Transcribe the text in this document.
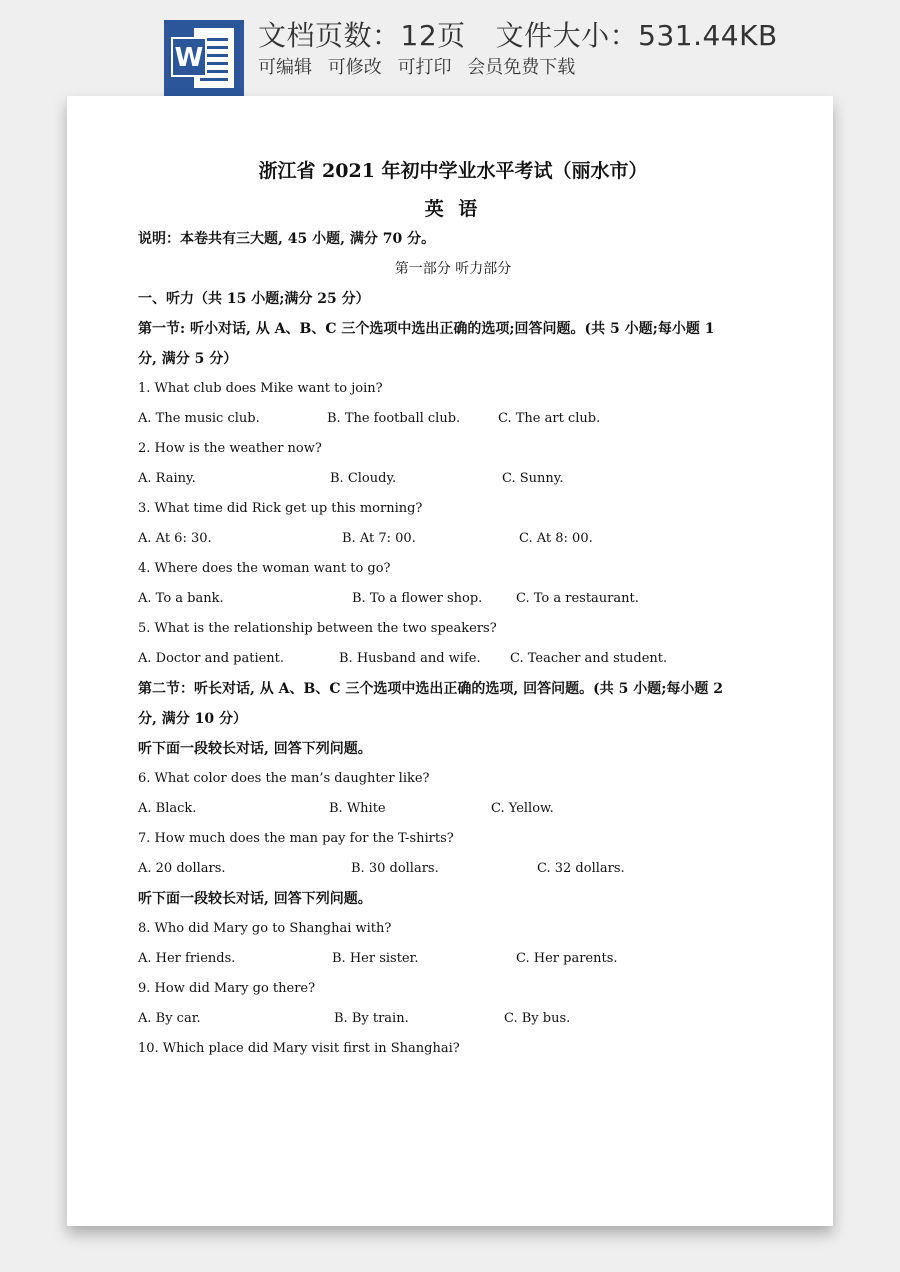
W
文档页数：12页 文件大小：531.44KB
可编辑 可修改 可打印 会员免费下载
浙江省 2021 年初中学业水平考试（丽水市）
英 语
说明：本卷共有三大题, 45 小题, 满分 70 分。
第一部分 听力部分
一、听力（共 15 小题;满分 25 分）
第一节: 听小对话, 从 A、B、C 三个选项中选出正确的选项;回答问题。(共 5 小题;每小题 1
分, 满分 5 分）
1. What club does Mike want to join?
A. The music club.	B. The football club.	C. The art club.
2. How is the weather now?
A. Rainy.	B. Cloudy.	C. Sunny.
3. What time did Rick get up this morning?
A. At 6: 30.	B. At 7: 00.	C. At 8: 00.
4. Where does the woman want to go?
A. To a bank.	B. To a flower shop.	C. To a restaurant.
5. What is the relationship between the two speakers?
A. Doctor and patient.	B. Husband and wife. C. Teacher and student.
第二节：听长对话, 从 A、B、C 三个选项中选出正确的选项, 回答问题。(共 5 小题;每小题 2
分, 满分 10 分）
听下面一段较长对话, 回答下列问题。
6. What color does the man’s daughter like?
A. Black.	B. White	C. Yellow.
7. How much does the man pay for the T-shirts?
A. 20 dollars.	B. 30 dollars.	C. 32 dollars.
听下面一段较长对话, 回答下列问题。
8. Who did Mary go to Shanghai with?
A. Her friends.	B. Her sister.	C. Her parents.
9. How did Mary go there?
A. By car.	B. By train.	C. By bus.
10. Which place did Mary visit first in Shanghai?
